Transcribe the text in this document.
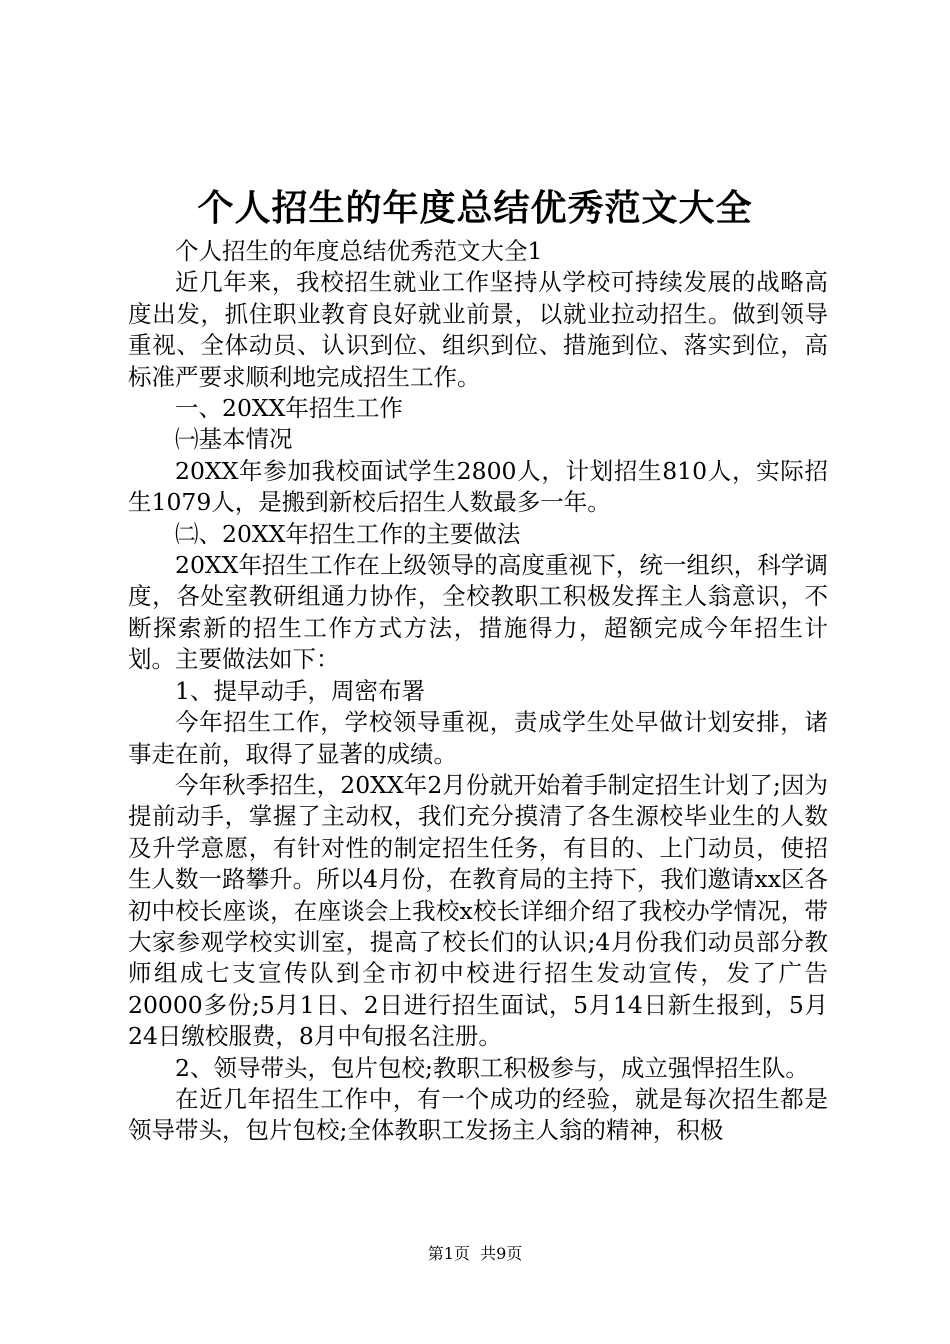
个人招生的年度总结优秀范文大全

个人招生的年度总结优秀范文大全1

近几年来，我校招生就业工作坚持从学校可持续发展的战略高度出发，抓住职业教育良好就业前景，以就业拉动招生。做到领导重视、全体动员、认识到位、组织到位、措施到位、落实到位，高标准严要求顺利地完成招生工作。

一、20XX年招生工作

㈠基本情况

20XX年参加我校面试学生2800人，计划招生810人，实际招生1079人，是搬到新校后招生人数最多一年。

㈡、20XX年招生工作的主要做法

20XX年招生工作在上级领导的高度重视下，统一组织，科学调度，各处室教研组通力协作，全校教职工积极发挥主人翁意识，不断探索新的招生工作方式方法，措施得力，超额完成今年招生计划。主要做法如下：

1、提早动手，周密布署

今年招生工作，学校领导重视，责成学生处早做计划安排，诸事走在前，取得了显著的成绩。

今年秋季招生，20XX年2月份就开始着手制定招生计划了;因为提前动手，掌握了主动权，我们充分摸清了各生源校毕业生的人数及升学意愿，有针对性的制定招生任务，有目的、上门动员，使招生人数一路攀升。所以4月份，在教育局的主持下，我们邀请xx区各初中校长座谈，在座谈会上我校x校长详细介绍了我校办学情况，带大家参观学校实训室，提高了校长们的认识;4月份我们动员部分教师组成七支宣传队到全市初中校进行招生发动宣传，发了广告20000多份;5月1日、2日进行招生面试，5月14日新生报到，5月24日缴校服费，8月中旬报名注册。

2、领导带头，包片包校;教职工积极参与，成立强悍招生队。

在近几年招生工作中，有一个成功的经验，就是每次招生都是领导带头，包片包校;全体教职工发扬主人翁的精神，积极

第1页  共9页
